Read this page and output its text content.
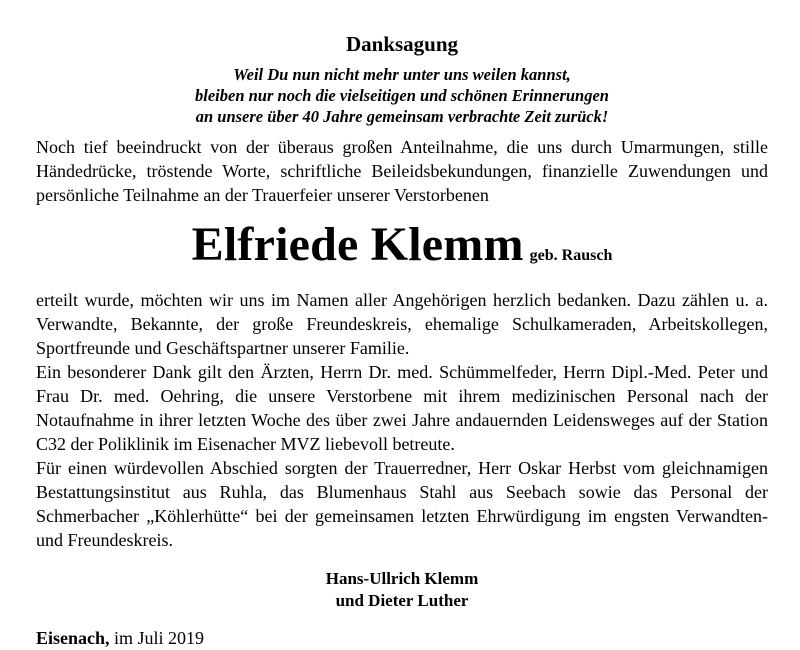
Danksagung
Weil Du nun nicht mehr unter uns weilen kannst,
bleiben nur noch die vielseitigen und schönen Erinnerungen
an unsere über 40 Jahre gemeinsam verbrachte Zeit zurück!

Noch tief beeindruckt von der überaus großen Anteilnahme, die uns durch Umarmungen, stille Händedrücke, tröstende Worte, schriftliche Beileidsbekundungen, finanzielle Zuwendungen und persönliche Teilnahme an der Trauerfeier unserer Verstorbenen

Elfriede Klemm geb. Rausch

erteilt wurde, möchten wir uns im Namen aller Angehörigen herzlich bedanken. Dazu zählen u. a. Verwandte, Bekannte, der große Freundeskreis, ehemalige Schulkameraden, Arbeitskollegen, Sportfreunde und Geschäftspartner unserer Familie.

Ein besonderer Dank gilt den Ärzten, Herrn Dr. med. Schümmelfeder, Herrn Dipl.-Med. Peter und Frau Dr. med. Oehring, die unsere Verstorbene mit ihrem medizinischen Personal nach der Notaufnahme in ihrer letzten Woche des über zwei Jahre andauernden Leidensweges auf der Station C32 der Poliklinik im Eisenacher MVZ liebevoll betreute.

Für einen würdevollen Abschied sorgten der Trauerredner, Herr Oskar Herbst vom gleichnamigen Bestattungsinstitut aus Ruhla, das Blumenhaus Stahl aus Seebach sowie das Personal der Schmerbacher „Köhlerhütte“ bei der gemeinsamen letzten Ehrwürdigung im engsten Verwandten- und Freundeskreis.

Hans-Ullrich Klemm
und Dieter Luther
Eisenach, im Juli 2019
